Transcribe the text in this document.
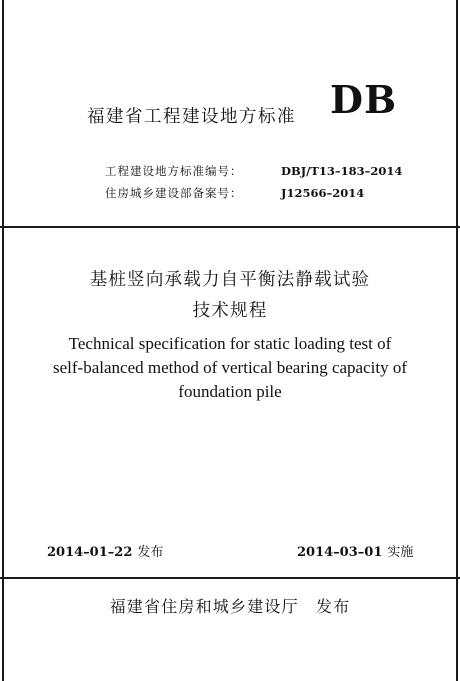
福建省工程建设地方标准 DB
工程建设地方标准编号：	DBJ/T13–183–2014
住房城乡建设部备案号：	J12566–2014
基桩竖向承载力自平衡法静载试验
技术规程
Technical specification for static loading test of
self-balanced method of vertical bearing capacity of
foundation pile
2014–01–22 发布	2014–03–01 实施
福建省住房和城乡建设厅　发布
